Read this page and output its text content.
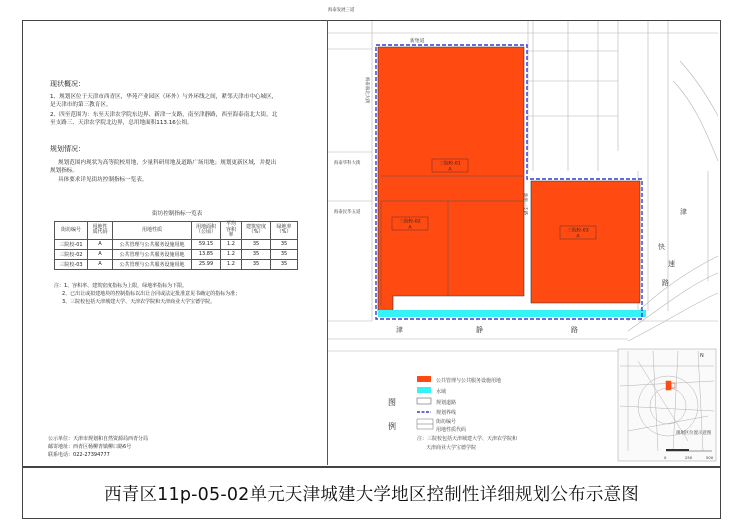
现状概况：
1、规划区位于天津市西青区，华苑产业园区（环外）与外环线之间，紧邻天津市中心城区，
是天津市的第三教育区。
2、四至范围为：东至天津农学院东边界、新津一支路，南至津静路，西至海泰南北大街，北
至支路三、天津农学院北边界，总用地面积113.16公顷。
规划情况：
规划范围内现状为高等院校用地，少量科研用地及道路广场用地；规划更新区域，并提出
规划指标。
具体要求详见街坊控制指标一览表。
街坊控制指标一览表
街坊编号	用地性质代码	用地性质	用地面积（公顷）	平均容积率	建筑密度（%）	绿地率（%）
三院校-01	A	公共管理与公共服务设施用地	59.15	1.2	35	35
三院校-02	A	公共管理与公共服务设施用地	13.85	1.2	35	35
三院校-03	A	公共管理与公共服务设施用地	25.99	1.2	35	35
注：1、容积率、建筑密度指标为上限，绿地率指标为下限。
2、已出让或拟建地块的控制指标以出让合同或法定批准意见书确定的指标为准；
3、三院校包括天津城建大学、天津农学院和天津商业大学宝德学院。
公示单位：天津市规划和自然资源局西青分局
邮寄地址：西青区杨柳青镇柳口路6号
联系电话：022-27394777
三院校-01
A
三院校-02
A
三院校-03
A
新堡道
海泰华科大街
海泰民华五道
海泰发展三道
津	静	路
津
快
速
路
海泰南北大街
新津一支路
图
例
公共管理与公共服务设施用地
水域
规划道路
规划界线
街坊编号
用地性质代码
注：三院校包括天津城建大学、天津农学院和
天津商业大学宝德学院
规划区位置示意图
0	250	500
N
西青区11p-05-02单元天津城建大学地区控制性详细规划公布示意图
